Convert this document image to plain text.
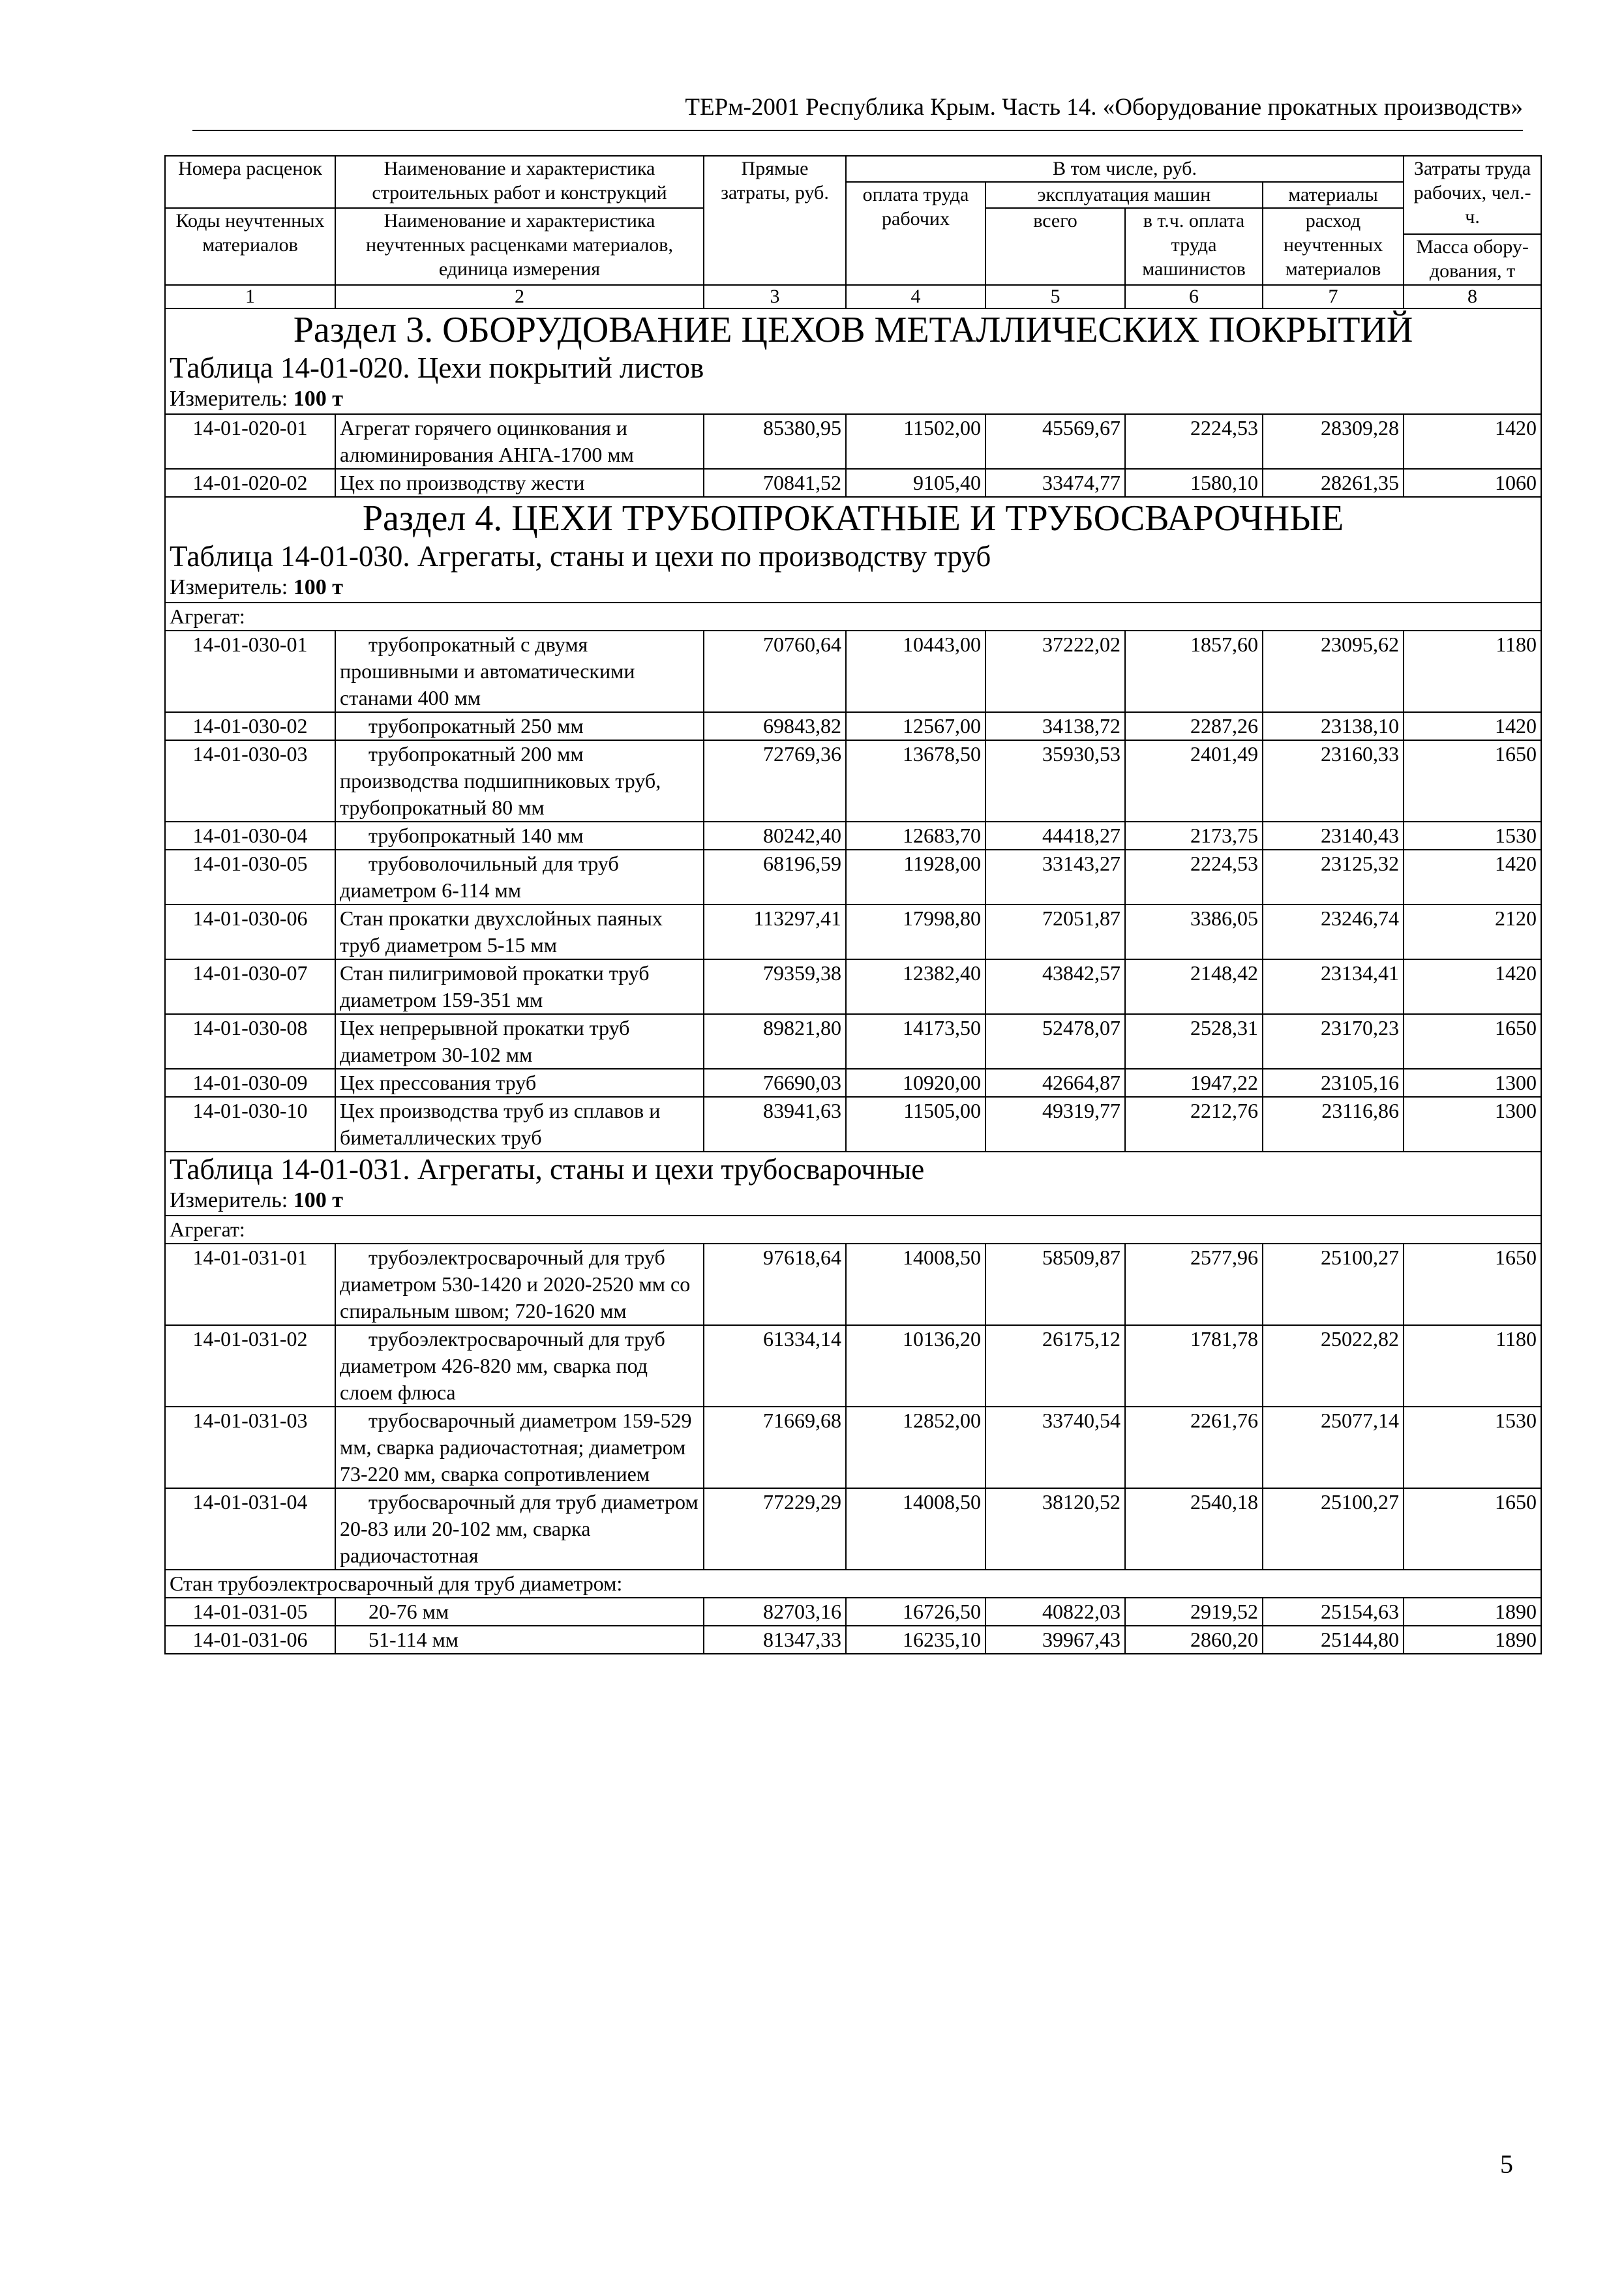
ТЕРм-2001 Республика Крым. Часть 14. «Оборудование прокатных производств»
Номера расценок	Наименование и характеристика строительных работ и конструкций	Прямые затраты, руб.	В том числе, руб.				Затраты труда рабочих, чел.-ч.
			оплата труда рабочих	эксплуатация машин		материалы	
Коды неучтенных материалов	Наименование и характеристика неучтенных расценками материалов, единица измерения			всего	в т.ч. оплата труда машинистов	расход неучтенных материалов	
							Масса обору-дования, т
1	2	3	4	5	6	7	8
Раздел 3. ОБОРУДОВАНИЕ ЦЕХОВ МЕТАЛЛИЧЕСКИХ ПОКРЫТИЙ							
Таблица 14-01-020. Цехи покрытий листов							
Измеритель: 100 т							
14-01-020-01	Агрегат горячего оцинкования и алюминирования АНГА-1700 мм	85380,95	11502,00	45569,67	2224,53	28309,28	1420
14-01-020-02	Цех по производству жести	70841,52	9105,40	33474,77	1580,10	28261,35	1060
Раздел 4. ЦЕХИ ТРУБОПРОКАТНЫЕ И ТРУБОСВАРОЧНЫЕ							
Таблица 14-01-030. Агрегаты, станы и цехи по производству труб							
Измеритель: 100 т							
Агрегат:							
14-01-030-01	трубопрокатный с двумя прошивными и автоматическими станами 400 мм	70760,64	10443,00	37222,02	1857,60	23095,62	1180
14-01-030-02	трубопрокатный 250 мм	69843,82	12567,00	34138,72	2287,26	23138,10	1420
14-01-030-03	трубопрокатный 200 мм производства подшипниковых труб, трубопрокатный 80 мм	72769,36	13678,50	35930,53	2401,49	23160,33	1650
14-01-030-04	трубопрокатный 140 мм	80242,40	12683,70	44418,27	2173,75	23140,43	1530
14-01-030-05	трубоволочильный для труб диаметром 6-114 мм	68196,59	11928,00	33143,27	2224,53	23125,32	1420
14-01-030-06	Стан прокатки двухслойных паяных труб диаметром 5-15 мм	113297,41	17998,80	72051,87	3386,05	23246,74	2120
14-01-030-07	Стан пилигримовой прокатки труб диаметром 159-351 мм	79359,38	12382,40	43842,57	2148,42	23134,41	1420
14-01-030-08	Цех непрерывной прокатки труб диаметром 30-102 мм	89821,80	14173,50	52478,07	2528,31	23170,23	1650
14-01-030-09	Цех прессования труб	76690,03	10920,00	42664,87	1947,22	23105,16	1300
14-01-030-10	Цех производства труб из сплавов и биметаллических труб	83941,63	11505,00	49319,77	2212,76	23116,86	1300
Таблица 14-01-031. Агрегаты, станы и цехи трубосварочные							
Измеритель: 100 т							
Агрегат:							
14-01-031-01	трубоэлектросварочный для труб диаметром 530-1420 и 2020-2520 мм со спиральным швом; 720-1620 мм	97618,64	14008,50	58509,87	2577,96	25100,27	1650
14-01-031-02	трубоэлектросварочный для труб диаметром 426-820 мм, сварка под слоем флюса	61334,14	10136,20	26175,12	1781,78	25022,82	1180
14-01-031-03	трубосварочный диаметром 159-529 мм, сварка радиочастотная; диаметром 73-220 мм, сварка сопротивлением	71669,68	12852,00	33740,54	2261,76	25077,14	1530
14-01-031-04	трубосварочный для труб диаметром 20-83 или 20-102 мм, сварка радиочастотная	77229,29	14008,50	38120,52	2540,18	25100,27	1650
Стан трубоэлектросварочный для труб диаметром:							
14-01-031-05	20-76 мм	82703,16	16726,50	40822,03	2919,52	25154,63	1890
14-01-031-06	51-114 мм	81347,33	16235,10	39967,43	2860,20	25144,80	1890
5
